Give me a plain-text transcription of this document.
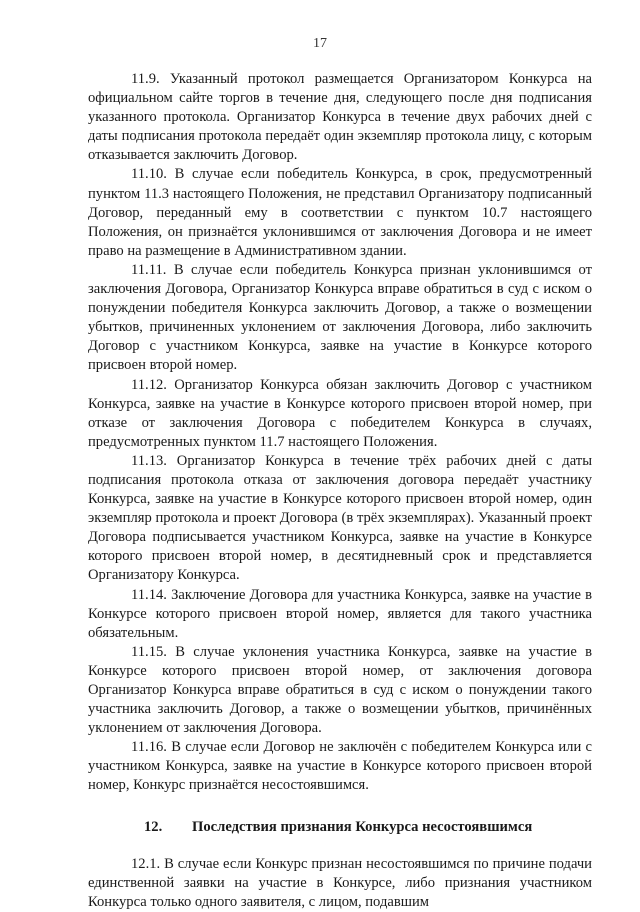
17

11.9. Указанный протокол размещается Организатором Конкурса на официальном сайте торгов в течение дня, следующего после дня подписания указанного протокола. Организатор Конкурса в течение двух рабочих дней с даты подписания протокола передаёт один экземпляр протокола лицу, с которым отказывается заключить Договор.

11.10. В случае если победитель Конкурса, в срок, предусмотренный пунктом 11.3 настоящего Положения, не представил Организатору подписанный Договор, переданный ему в соответствии с пунктом 10.7 настоящего Положения, он признаётся уклонившимся от заключения Договора и не имеет право на размещение в Административном здании.

11.11. В случае если победитель Конкурса признан уклонившимся от заключения Договора, Организатор Конкурса вправе обратиться в суд с иском о понуждении победителя Конкурса заключить Договор, а также о возмещении убытков, причиненных уклонением от заключения Договора, либо заключить Договор с участником Конкурса, заявке на участие в Конкурсе которого присвоен второй номер.

11.12. Организатор Конкурса обязан заключить Договор с участником Конкурса, заявке на участие в Конкурсе которого присвоен второй номер, при отказе от заключения Договора с победителем Конкурса в случаях, предусмотренных пунктом 11.7 настоящего Положения.

11.13. Организатор Конкурса в течение трёх рабочих дней с даты подписания протокола отказа от заключения договора передаёт участнику Конкурса, заявке на участие в Конкурсе которого присвоен второй номер, один экземпляр протокола и проект Договора (в трёх экземплярах). Указанный проект Договора подписывается участником Конкурса, заявке на участие в Конкурсе которого присвоен второй номер, в десятидневный срок и представляется Организатору Конкурса.

11.14. Заключение Договора для участника Конкурса, заявке на участие в Конкурсе которого присвоен второй номер, является для такого участника обязательным.

11.15. В случае уклонения участника Конкурса, заявке на участие в Конкурсе которого присвоен второй номер, от заключения договора Организатор Конкурса вправе обратиться в суд с иском о понуждении такого участника заключить Договор, а также о возмещении убытков, причинённых уклонением от заключения Договора.

11.16. В случае если Договор не заключён с победителем Конкурса или с участником Конкурса, заявке на участие в Конкурсе которого присвоен второй номер, Конкурс признаётся несостоявшимся.

12. Последствия признания Конкурса несостоявшимся

12.1. В случае если Конкурс признан несостоявшимся по причине подачи единственной заявки на участие в Конкурсе, либо признания участником Конкурса только одного заявителя, с лицом, подавшим
